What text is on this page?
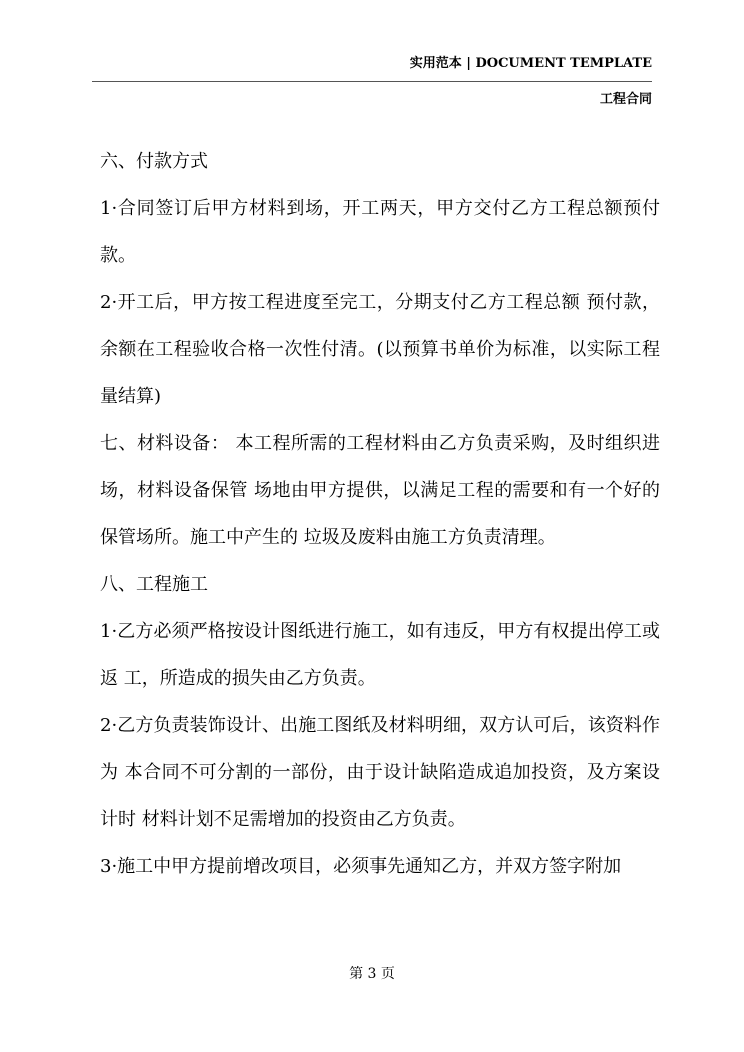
实用范本 | DOCUMENT TEMPLATE
工程合同

六、付款方式

1·合同签订后甲方材料到场，开工两天，甲方交付乙方工程总额预付 款。

2·开工后，甲方按工程进度至完工，分期支付乙方工程总额 预付款， 余额在工程验收合格一次性付清。(以预算书单价为标准，以实际工程 量结算)

七、材料设备： 本工程所需的工程材料由乙方负责采购，及时组织进场，材料设备保管 场地由甲方提供，以满足工程的需要和有一个好的保管场所。施工中产生的 垃圾及废料由施工方负责清理。

八、工程施工

1·乙方必须严格按设计图纸进行施工，如有违反，甲方有权提出停工或返 工，所造成的损失由乙方负责。

2·乙方负责装饰设计、出施工图纸及材料明细，双方认可后，该资料作为 本合同不可分割的一部份，由于设计缺陷造成追加投资，及方案设计时 材料计划不足需增加的投资由乙方负责。

3·施工中甲方提前增改项目，必须事先通知乙方，并双方签字附加

第 3 页
